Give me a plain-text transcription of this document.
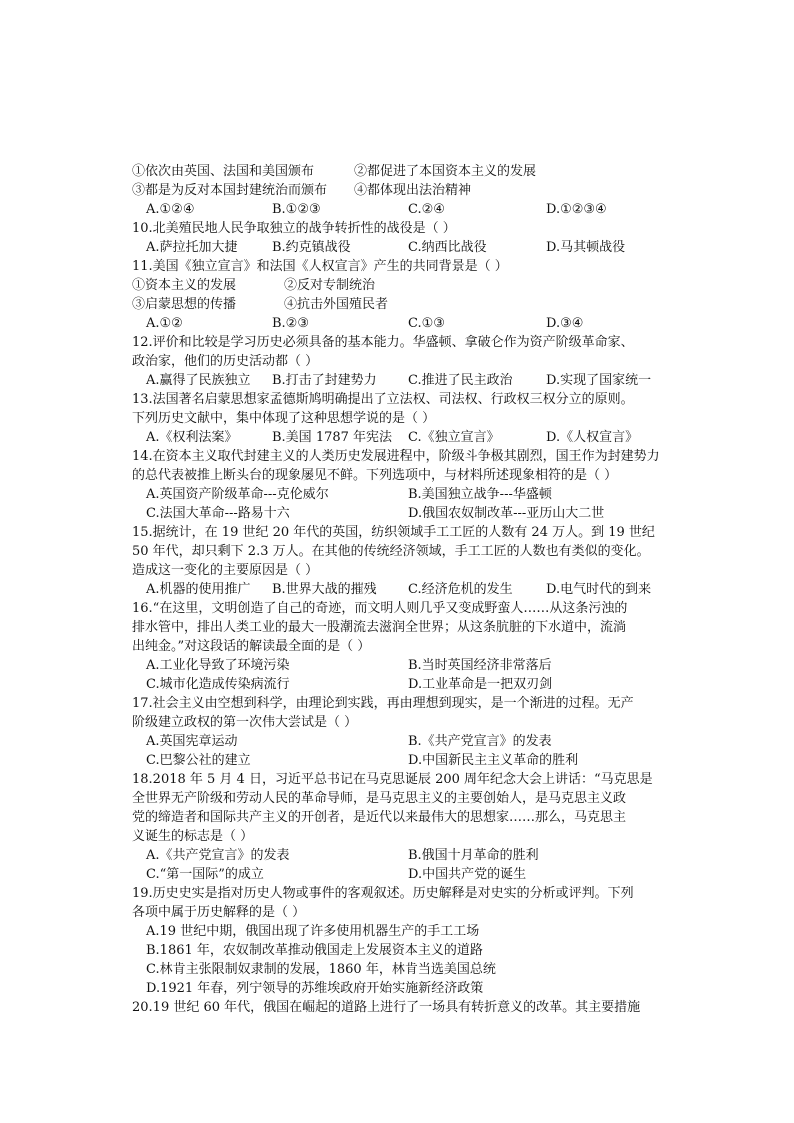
①依次由英国、法国和美国颁布	②都促进了本国资本主义的发展
③都是为反对本国封建统治而颁布	④都体现出法治精神
A.①②④	B.①②③	C.②④	D.①②③④
10.北美殖民地人民争取独立的战争转折性的战役是（ ）
A.萨拉托加大捷	B.约克镇战役	C.纳西比战役	D.马其顿战役
11.美国《独立宣言》和法国《人权宣言》产生的共同背景是（ ）
①资本主义的发展	②反对专制统治
③启蒙思想的传播	④抗击外国殖民者
A.①②	B.②③	C.①③	D.③④
12.评价和比较是学习历史必须具备的基本能力。华盛顿、拿破仑作为资产阶级革命家、
政治家，他们的历史活动都（ ）
A.赢得了民族独立	B.打击了封建势力	C.推进了民主政治	D.实现了国家统一
13.法国著名启蒙思想家孟德斯鸠明确提出了立法权、司法权、行政权三权分立的原则。
下列历史文献中，集中体现了这种思想学说的是（ ）
A.《权利法案》	B.美国 1787 年宪法	C.《独立宣言》	D.《人权宣言》
14.在资本主义取代封建主义的人类历史发展进程中，阶级斗争极其剧烈，国王作为封建势力
的总代表被推上断头台的现象屡见不鲜。下列选项中，与材料所述现象相符的是（ ）
A.英国资产阶级革命---克伦威尔	B.美国独立战争---华盛顿
C.法国大革命---路易十六	D.俄国农奴制改革---亚历山大二世
15.据统计，在 19 世纪 20 年代的英国，纺织领域手工工匠的人数有 24 万人。到 19 世纪
50 年代，却只剩下 2.3 万人。在其他的传统经济领域，手工工匠的人数也有类似的变化。
造成这一变化的主要原因是（ ）
A.机器的使用推广	B.世界大战的摧残	C.经济危机的发生	D.电气时代的到来
16.“在这里，文明创造了自己的奇迹，而文明人则几乎又变成野蛮人……从这条污浊的
排水管中，排出人类工业的最大一股潮流去滋润全世界；从这条肮脏的下水道中，流淌
出纯金。”对这段话的解读最全面的是（ ）
A.工业化导致了环境污染	B.当时英国经济非常落后
C.城市化造成传染病流行	D.工业革命是一把双刃剑
17.社会主义由空想到科学，由理论到实践，再由理想到现实，是一个渐进的过程。无产
阶级建立政权的第一次伟大尝试是（ ）
A.英国宪章运动	B.《共产党宣言》的发表
C.巴黎公社的建立	D.中国新民主主义革命的胜利
18.2018 年 5 月 4 日，习近平总书记在马克思诞辰 200 周年纪念大会上讲话：“马克思是
全世界无产阶级和劳动人民的革命导师，是马克思主义的主要创始人，是马克思主义政
党的缔造者和国际共产主义的开创者，是近代以来最伟大的思想家……那么，马克思主
义诞生的标志是（ ）
A.《共产党宣言》的发表	B.俄国十月革命的胜利
C.“第一国际”的成立	D.中国共产党的诞生
19.历史史实是指对历史人物或事件的客观叙述。历史解释是对史实的分析或评判。下列
各项中属于历史解释的是（ ）
A.19 世纪中期，俄国出现了许多使用机器生产的手工工场
B.1861 年，农奴制改革推动俄国走上发展资本主义的道路
C.林肯主张限制奴隶制的发展，1860 年，林肯当选美国总统
D.1921 年春，列宁领导的苏维埃政府开始实施新经济政策
20.19 世纪 60 年代，俄国在崛起的道路上进行了一场具有转折意义的改革。其主要措施
